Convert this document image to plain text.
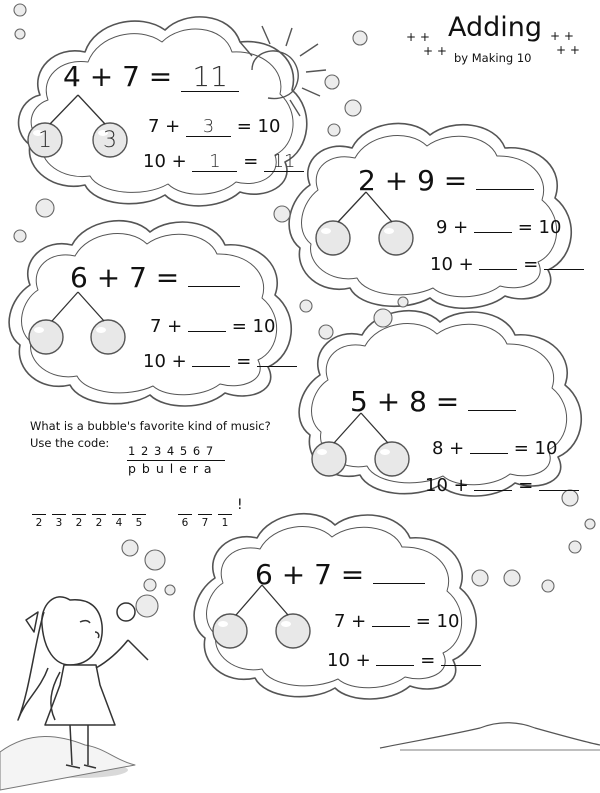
Adding
by Making 10
+ +
+ +
+ +
+ +
4 + 7 = 11
1	3
7 + 3 = 10
10 + 1 = 11
2 + 9 =
9 +	= 10
10 +	=
6 + 7 =
7 +	= 10
10 +	=
5 + 8 =
8 +	= 10
10 +	=
6 + 7 =
7 +	= 10
10 +	=
What is a bubble's favorite kind of music?
Use the code:
1 2 3 4 5 6 7
p b u l e r a
2	3	2	2	4	5	6	7	1
!
